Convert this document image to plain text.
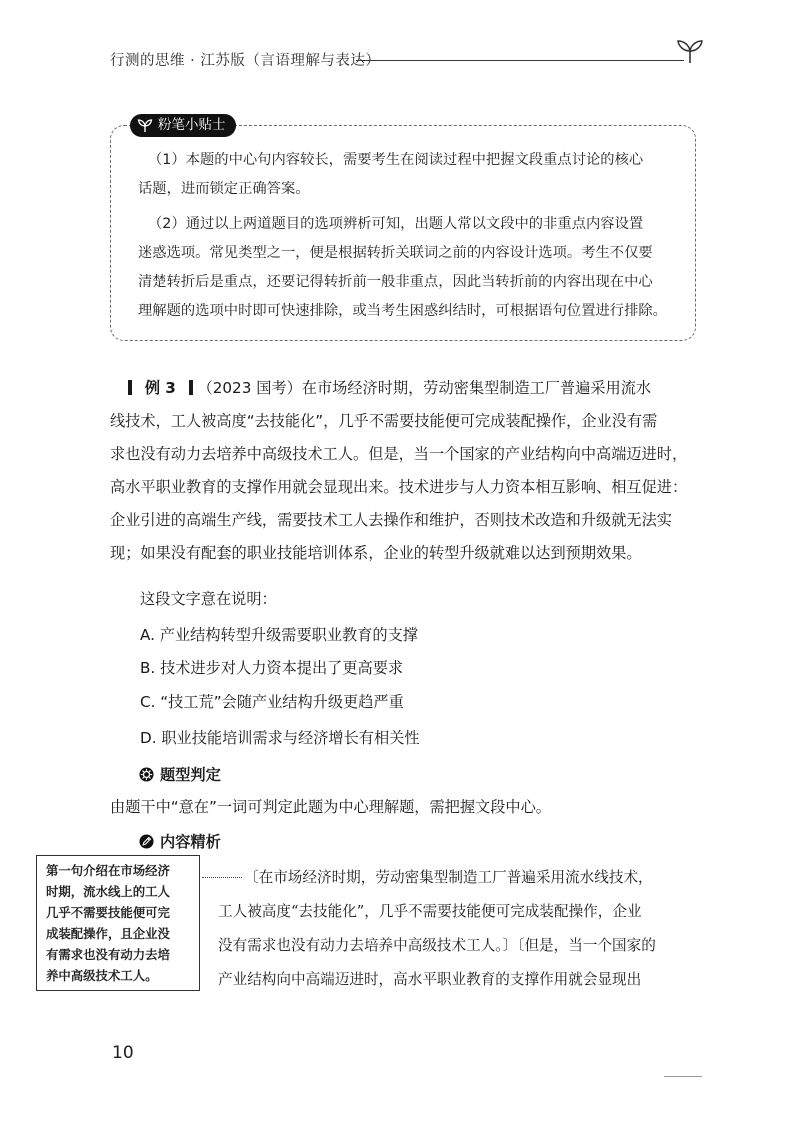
行测的思维 · 江苏版（言语理解与表达）
粉笔小贴士
（1）本题的中心句内容较长，需要考生在阅读过程中把握文段重点讨论的核心
话题，进而锁定正确答案。
（2）通过以上两道题目的选项辨析可知，出题人常以文段中的非重点内容设置
迷惑选项。常见类型之一，便是根据转折关联词之前的内容设计选项。考生不仅要
清楚转折后是重点，还要记得转折前一般非重点，因此当转折前的内容出现在中心
理解题的选项中时即可快速排除，或当考生困惑纠结时，可根据语句位置进行排除。
例 3 （2023 国考）在市场经济时期，劳动密集型制造工厂普遍采用流水
线技术，工人被高度“去技能化”，几乎不需要技能便可完成装配操作，企业没有需
求也没有动力去培养中高级技术工人。但是，当一个国家的产业结构向中高端迈进时，
高水平职业教育的支撑作用就会显现出来。技术进步与人力资本相互影响、相互促进：
企业引进的高端生产线，需要技术工人去操作和维护，否则技术改造和升级就无法实
现；如果没有配套的职业技能培训体系，企业的转型升级就难以达到预期效果。
这段文字意在说明：
A. 产业结构转型升级需要职业教育的支撑
B. 技术进步对人力资本提出了更高要求
C. “技工荒”会随产业结构升级更趋严重
D. 职业技能培训需求与经济增长有相关性
题型判定
由题干中“意在”一词可判定此题为中心理解题，需把握文段中心。
内容精析
第一句介绍在市场经济
时期，流水线上的工人
几乎不需要技能便可完
成装配操作，且企业没
有需求也没有动力去培
养中高级技术工人。
〔在市场经济时期，劳动密集型制造工厂普遍采用流水线技术，
工人被高度“去技能化”，几乎不需要技能便可完成装配操作，企业
没有需求也没有动力去培养中高级技术工人。〕〔但是，当一个国家的
产业结构向中高端迈进时，高水平职业教育的支撑作用就会显现出
10
